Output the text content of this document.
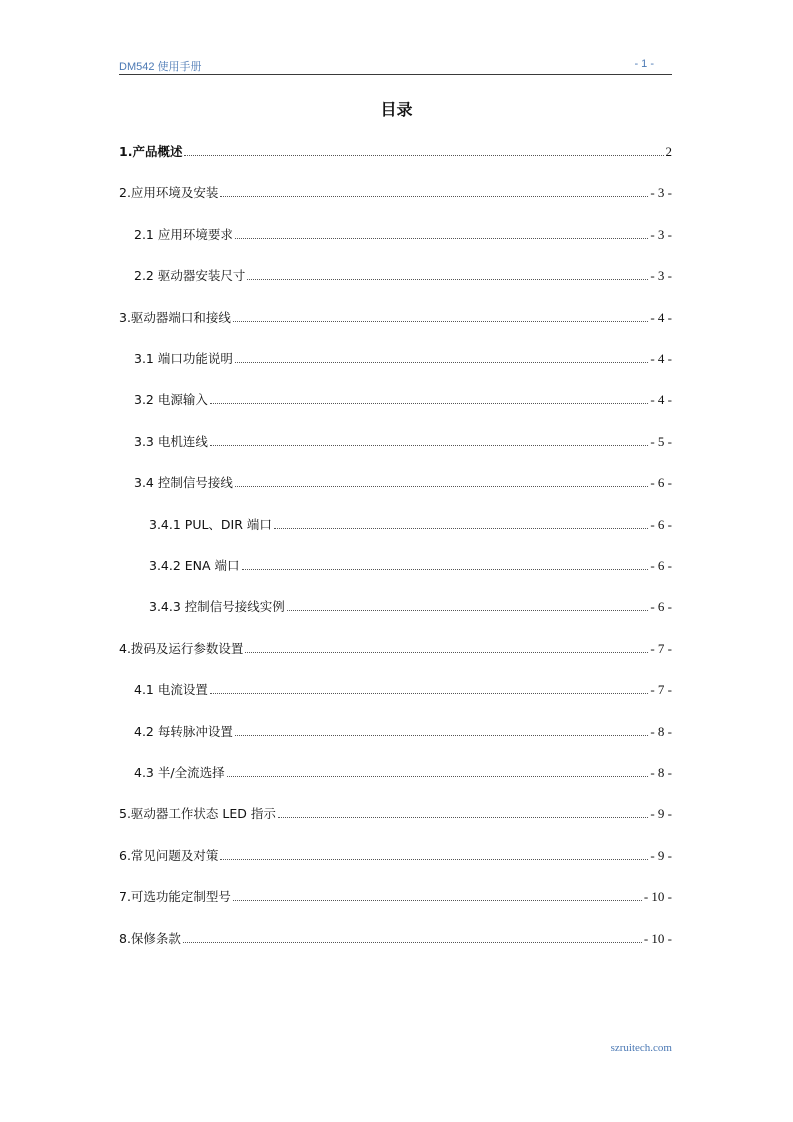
DM542 使用手册	- 1 -
目录
1.产品概述	2
2.应用环境及安装	- 3 -
2.1 应用环境要求	- 3 -
2.2 驱动器安装尺寸	- 3 -
3.驱动器端口和接线	- 4 -
3.1 端口功能说明	- 4 -
3.2 电源输入	- 4 -
3.3 电机连线	- 5 -
3.4 控制信号接线	- 6 -
3.4.1 PUL、DIR 端口	- 6 -
3.4.2 ENA 端口	- 6 -
3.4.3 控制信号接线实例	- 6 -
4.拨码及运行参数设置	- 7 -
4.1 电流设置	- 7 -
4.2 每转脉冲设置	- 8 -
4.3 半/全流选择	- 8 -
5.驱动器工作状态 LED 指示	- 9 -
6.常见问题及对策	- 9 -
7.可选功能定制型号	- 10 -
8.保修条款	- 10 -
szruitech.com
